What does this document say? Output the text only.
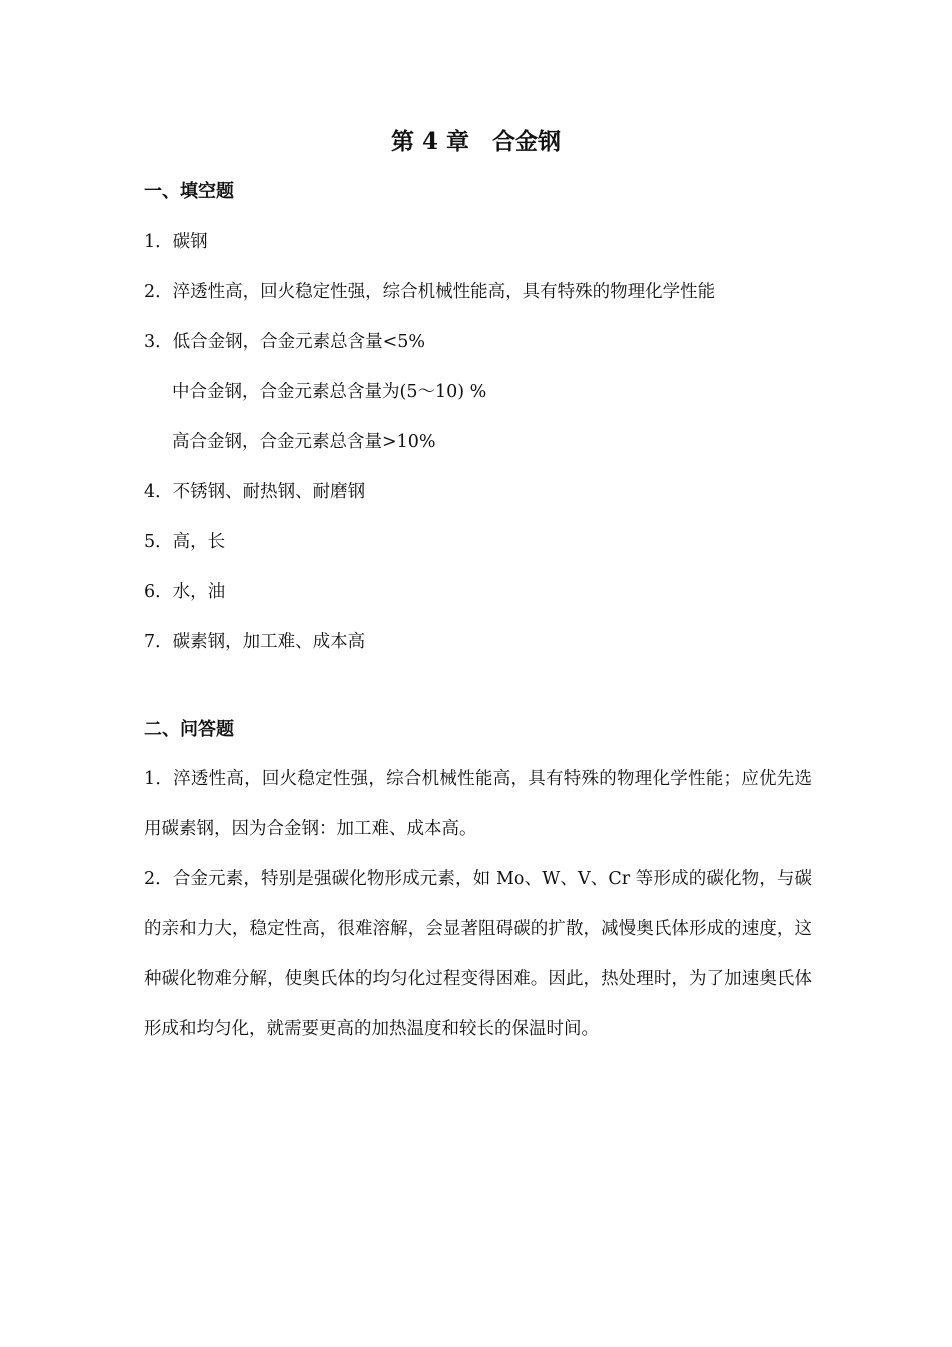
第 4 章　合金钢
一、填空题
1．碳钢
2．淬透性高，回火稳定性强，综合机械性能高，具有特殊的物理化学性能
3．低合金钢，合金元素总含量<5%
中合金钢，合金元素总含量为(5～10) %
高合金钢，合金元素总含量>10%
4．不锈钢、耐热钢、耐磨钢
5．高，长
6．水，油
7．碳素钢，加工难、成本高
二、问答题
1．淬透性高，回火稳定性强，综合机械性能高，具有特殊的物理化学性能；应优先选用碳素钢，因为合金钢：加工难、成本高。
2．合金元素，特别是强碳化物形成元素，如 Mo、W、V、Cr 等形成的碳化物，与碳的亲和力大，稳定性高，很难溶解，会显著阻碍碳的扩散，减慢奥氏体形成的速度，这种碳化物难分解，使奥氏体的均匀化过程变得困难。因此，热处理时，为了加速奥氏体形成和均匀化，就需要更高的加热温度和较长的保温时间。
